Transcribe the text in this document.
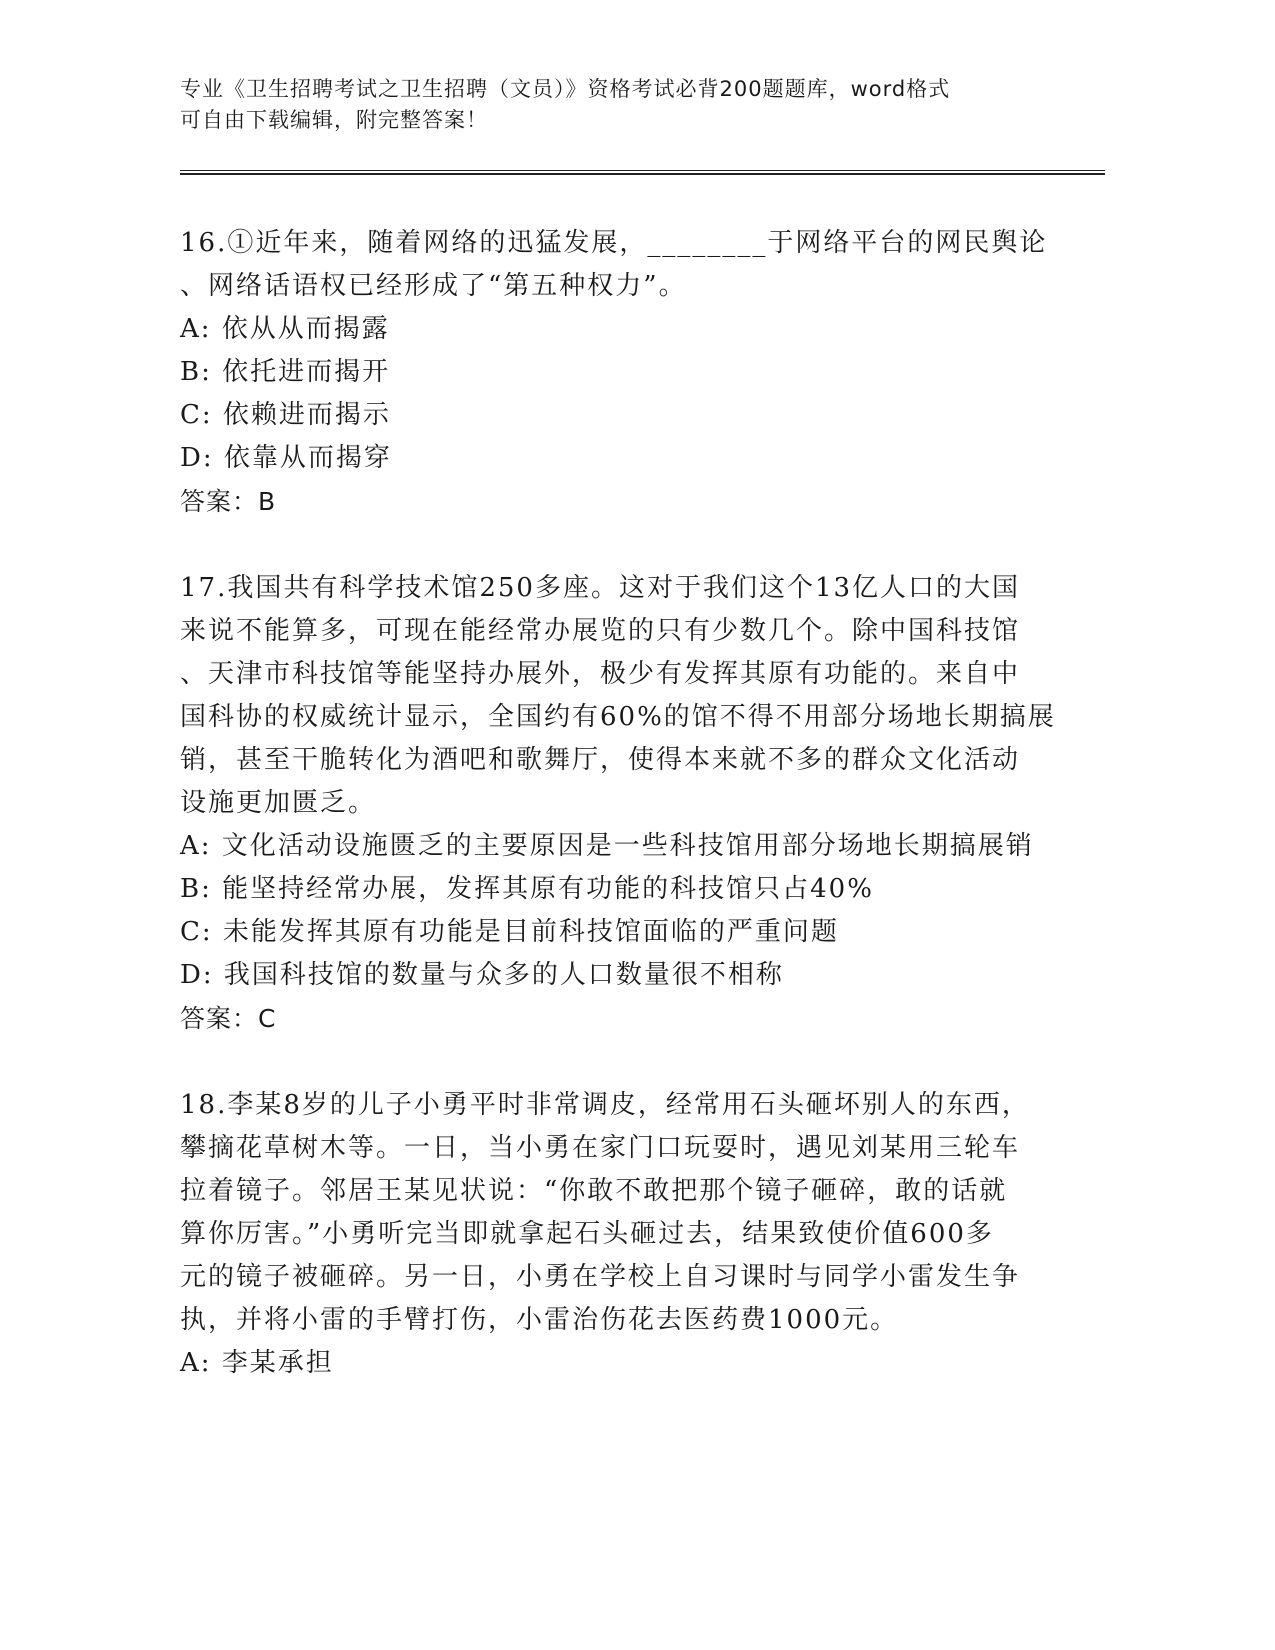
专业《卫生招聘考试之卫生招聘（文员）》资格考试必背200题题库，word格式
可自由下载编辑，附完整答案！

16.①近年来，随着网络的迅猛发展，________于网络平台的网民舆论

、网络话语权已经形成了“第五种权力”。

A: 依从从而揭露

B: 依托进而揭开

C: 依赖进而揭示

D: 依靠从而揭穿

答案：B

17.我国共有科学技术馆250多座。这对于我们这个13亿人口的大国

来说不能算多，可现在能经常办展览的只有少数几个。除中国科技馆

、天津市科技馆等能坚持办展外，极少有发挥其原有功能的。来自中

国科协的权威统计显示，全国约有60%的馆不得不用部分场地长期搞展

销，甚至干脆转化为酒吧和歌舞厅，使得本来就不多的群众文化活动

设施更加匮乏。

A: 文化活动设施匮乏的主要原因是一些科技馆用部分场地长期搞展销

B: 能坚持经常办展，发挥其原有功能的科技馆只占40%

C: 未能发挥其原有功能是目前科技馆面临的严重问题

D: 我国科技馆的数量与众多的人口数量很不相称

答案：C

18.李某8岁的儿子小勇平时非常调皮，经常用石头砸坏别人的东西，

攀摘花草树木等。一日，当小勇在家门口玩耍时，遇见刘某用三轮车

拉着镜子。邻居王某见状说：“你敢不敢把那个镜子砸碎，敢的话就

算你厉害。”小勇听完当即就拿起石头砸过去，结果致使价值600多

元的镜子被砸碎。另一日，小勇在学校上自习课时与同学小雷发生争

执，并将小雷的手臂打伤，小雷治伤花去医药费1000元。

A: 李某承担
